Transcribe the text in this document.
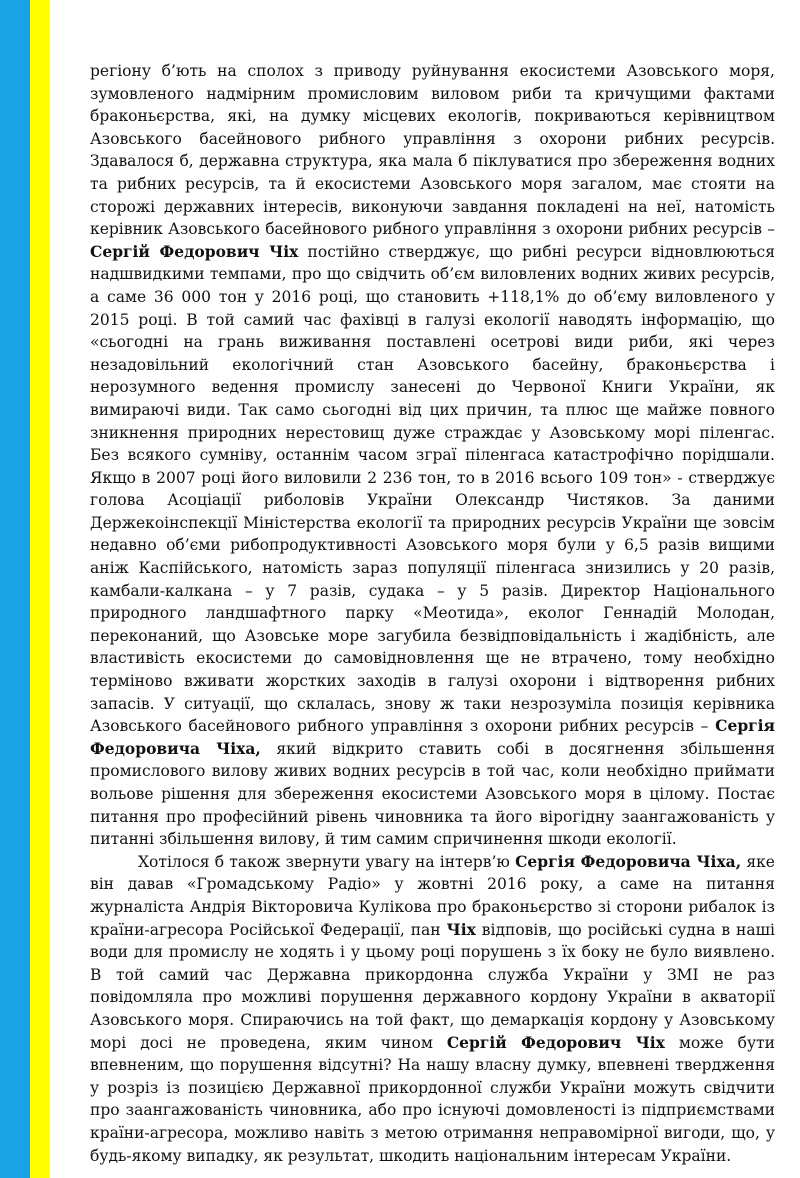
регіону б’ють на сполох з приводу руйнування екосистеми Азовського моря, зумовленого надмірним промисловим виловом риби та кричущими фактами браконьєрства, які, на думку місцевих екологів, покриваються керівництвом Азовського басейнового рибного управління з охорони рибних ресурсів. Здавалося б, державна структура, яка мала б піклуватися про збереження водних та рибних ресурсів, та й екосистеми Азовського моря загалом, має стояти на сторожі державних інтересів, виконуючи завдання покладені на неї, натомість керівник Азовського басейнового рибного управління з охорони рибних ресурсів – Сергій Федорович Чіх постійно стверджує, що рибні ресурси відновлюються надшвидкими темпами, про що свідчить об’єм виловлених водних живих ресурсів, а саме 36 000 тон у 2016 році, що становить +118,1% до об’єму виловленого у 2015 році. В той самий час фахівці в галузі екології наводять інформацію, що «сьогодні на грань виживання поставлені осетрові види риби, які через незадовільний екологічний стан Азовського басейну, браконьєрства і нерозумного ведення промислу занесені до Червоної Книги України, як вимираючі види. Так само сьогодні від цих причин, та плюс ще майже повного зникнення природних нерестовищ дуже страждає у Азовському морі піленгас. Без всякого сумніву, останнім часом зграї піленгаса катастрофічно порідшали. Якщо в 2007 році його виловили 2 236 тон, то в 2016 всього 109 тон» - стверджує голова Асоціації риболовів України Олександр Чистяков. За даними Держекоінспекції Міністерства екології та природних ресурсів України ще зовсім недавно об’єми рибопродуктивності Азовського моря були у 6,5 разів вищими аніж Каспійського, натомість зараз популяції піленгаса знизились у 20 разів, камбали-калкана – у 7 разів, судака – у 5 разів. Директор Національного природного ландшафтного парку «Меотида», еколог Геннадій Молодан, переконаний, що Азовське море загубила безвідповідальність і жадібність, але властивість екосистеми до самовідновлення ще не втрачено, тому необхідно терміново вживати жорстких заходів в галузі охорони і відтворення рибних запасів. У ситуації, що склалась, знову ж таки незрозуміла позиція керівника Азовського басейнового рибного управління з охорони рибних ресурсів – Сергія Федоровича Чіха, який відкрито ставить собі в досягнення збільшення промислового вилову живих водних ресурсів в той час, коли необхідно приймати вольове рішення для збереження екосистеми Азовського моря в цілому. Постає питання про професійний рівень чиновника та його вірогідну заангажованість у питанні збільшення вилову, й тим самим спричинення шкоди екології.

Хотілося б також звернути увагу на інтерв’ю Сергія Федоровича Чіха, яке він давав «Громадському Радіо» у жовтні 2016 року, а саме на питання журналіста Андрія Вікторовича Кулікова про браконьєрство зі сторони рибалок із країни-агресора Російської Федерації, пан Чіх відповів, що російські судна в наші води для промислу не ходять і у цьому році порушень з їх боку не було виявлено. В той самий час Державна прикордонна служба України у ЗМІ не раз повідомляла про можливі порушення державного кордону України в акваторії Азовського моря. Спираючись на той факт, що демаркація кордону у Азовському морі досі не проведена, яким чином Сергій Федорович Чіх може бути впевненим, що порушення відсутні? На нашу власну думку, впевнені твердження у розріз із позицією Державної прикордонної служби України можуть свідчити про заангажованість чиновника, або про існуючі домовленості із підприємствами країни-агресора, можливо навіть з метою отримання неправомірної вигоди, що, у будь-якому випадку, як результат, шкодить національним інтересам України.
